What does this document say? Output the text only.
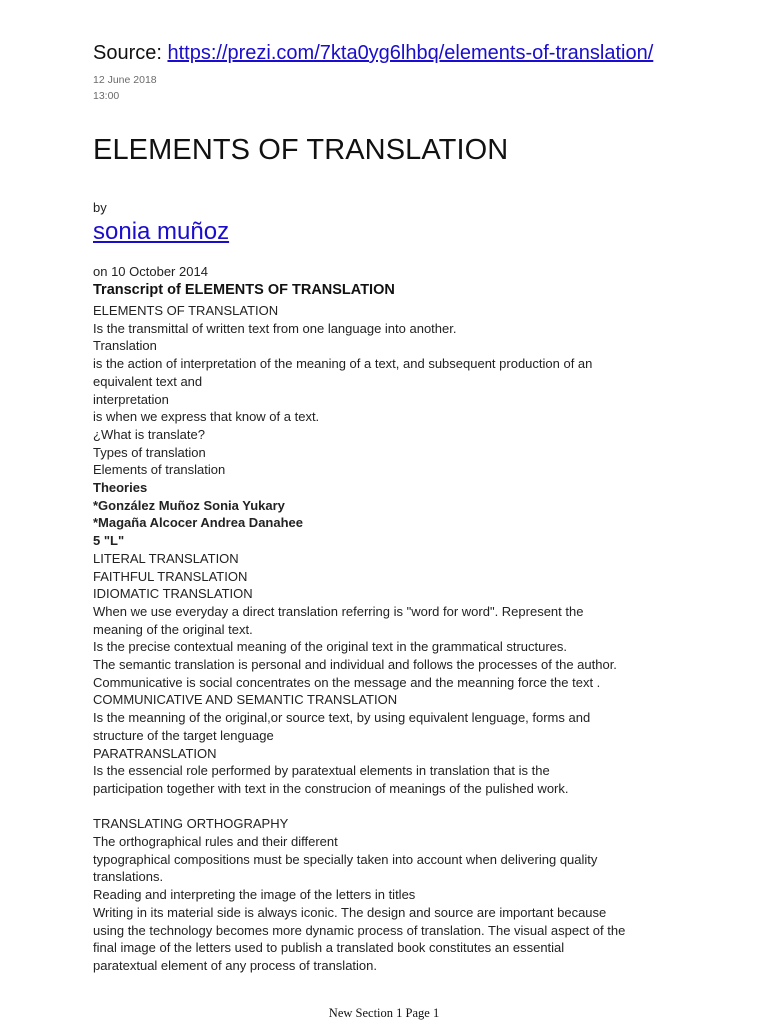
Source: https://prezi.com/7kta0yg6lhbq/elements-of-translation/
12 June 2018
13:00
ELEMENTS OF TRANSLATION
by
sonia muñoz
on 10 October 2014
Transcript of ELEMENTS OF TRANSLATION
ELEMENTS OF TRANSLATION
Is the transmittal of written text from one language into another.
Translation
is the action of interpretation of the meaning of a text, and subsequent production of an
equivalent text and
interpretation
is when we express that know of a text.
¿What is translate?
Types of translation
Elements of translation
Theories
*González Muñoz Sonia Yukary
*Magaña Alcocer Andrea Danahee
5 "L"
LITERAL TRANSLATION
FAITHFUL TRANSLATION
IDIOMATIC TRANSLATION
When we use everyday a direct translation referring is "word for word". Represent the
meaning of the original text.
Is the precise contextual meaning of the original text in the grammatical structures.
The semantic translation is personal and individual and follows the processes of the author.
Communicative is social concentrates on the message and the meanning force the text .
COMMUNICATIVE AND SEMANTIC TRANSLATION
Is the meanning of the original,or source text, by using equivalent lenguage, forms and
structure of the target lenguage
PARATRANSLATION
Is the essencial role performed by paratextual elements in translation that is the
participation together with text in the construcion of meanings of the pulished work.
TRANSLATING ORTHOGRAPHY
The orthographical rules and their different
typographical compositions must be specially taken into account when delivering quality
translations.
Reading and interpreting the image of the letters in titles
Writing in its material side is always iconic. The design and source are important because
using the technology becomes more dynamic process of translation. The visual aspect of the
final image of the letters used to publish a translated book constitutes an essential
paratextual element of any process of translation.
New Section 1 Page 1
